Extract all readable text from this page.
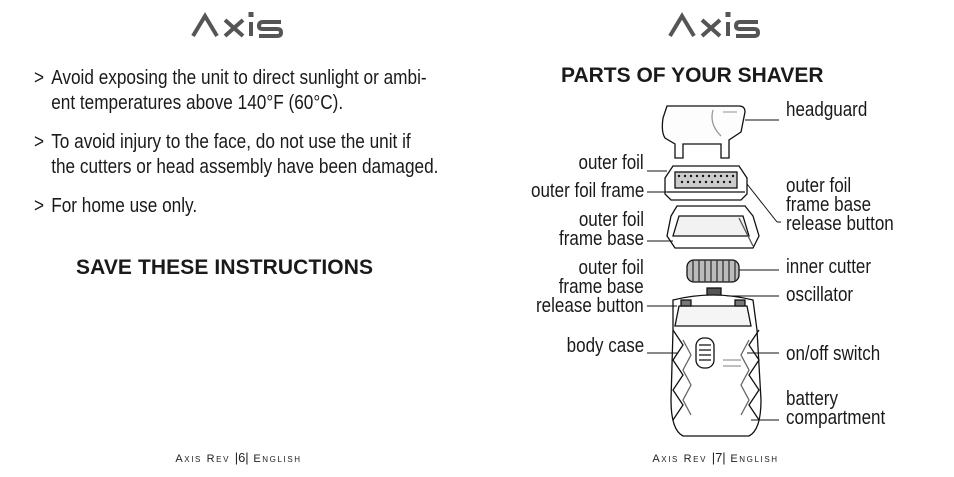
> Avoid exposing the unit to direct sunlight or ambi-
ent temperatures above 140°F (60°C).
> To avoid injury to the face, do not use the unit if
the cutters or head assembly have been damaged.
> For home use only.
SAVE THESE INSTRUCTIONS
Axis Rev |6| English
PARTS OF YOUR SHAVER
outer foil
outer foil frame
outer foil
frame base
outer foil
frame base
release button
body case
headguard
outer foil
frame base
release button
inner cutter
oscillator
on/off switch
battery
compartment
Axis Rev |7| English
